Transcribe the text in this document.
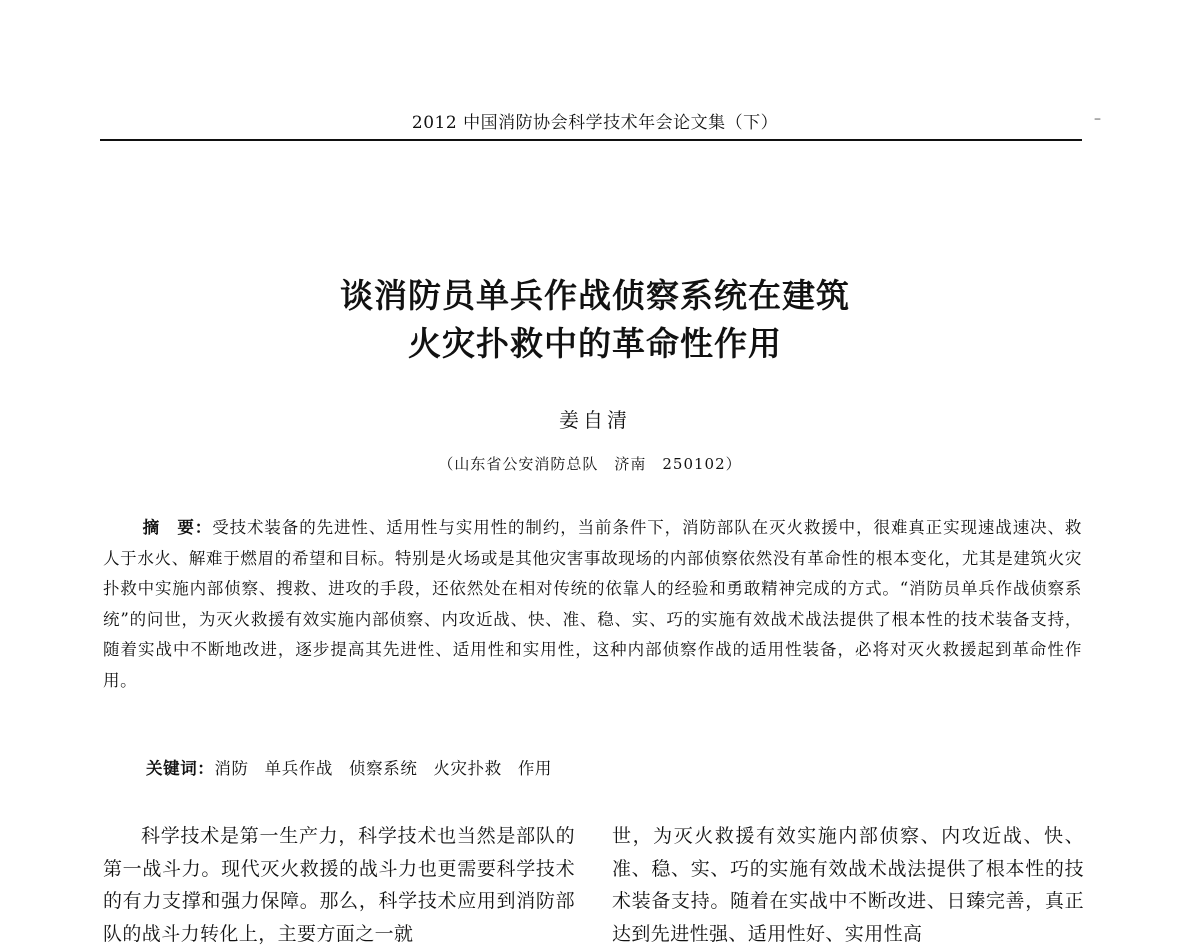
2012 中国消防协会科学技术年会论文集（下）	–
谈消防员单兵作战侦察系统在建筑
火灾扑救中的革命性作用
姜自清
（山东省公安消防总队　济南　250102）
摘　要：受技术装备的先进性、适用性与实用性的制约，当前条件下，消防部队在灭火救援中，很难真正实现速战速决、救人于水火、解难于燃眉的希望和目标。特别是火场或是其他灾害事故现场的内部侦察依然没有革命性的根本变化，尤其是建筑火灾扑救中实施内部侦察、搜救、进攻的手段，还依然处在相对传统的依靠人的经验和勇敢精神完成的方式。“消防员单兵作战侦察系统”的问世，为灭火救援有效实施内部侦察、内攻近战、快、准、稳、实、巧的实施有效战术战法提供了根本性的技术装备支持，随着实战中不断地改进，逐步提高其先进性、适用性和实用性，这种内部侦察作战的适用性装备，必将对灭火救援起到革命性作用。
关键词：消防 单兵作战 侦察系统 火灾扑救 作用
科学技术是第一生产力，科学技术也当然是部队的第一战斗力。现代灭火救援的战斗力也更需要科学技术的有力支撑和强力保障。那么，科学技术应用到消防部队的战斗力转化上，主要方面之一就
世，为灭火救援有效实施内部侦察、内攻近战、快、准、稳、实、巧的实施有效战术战法提供了根本性的技术装备支持。随着在实战中不断改进、日臻完善，真正达到先进性强、适用性好、实用性高
